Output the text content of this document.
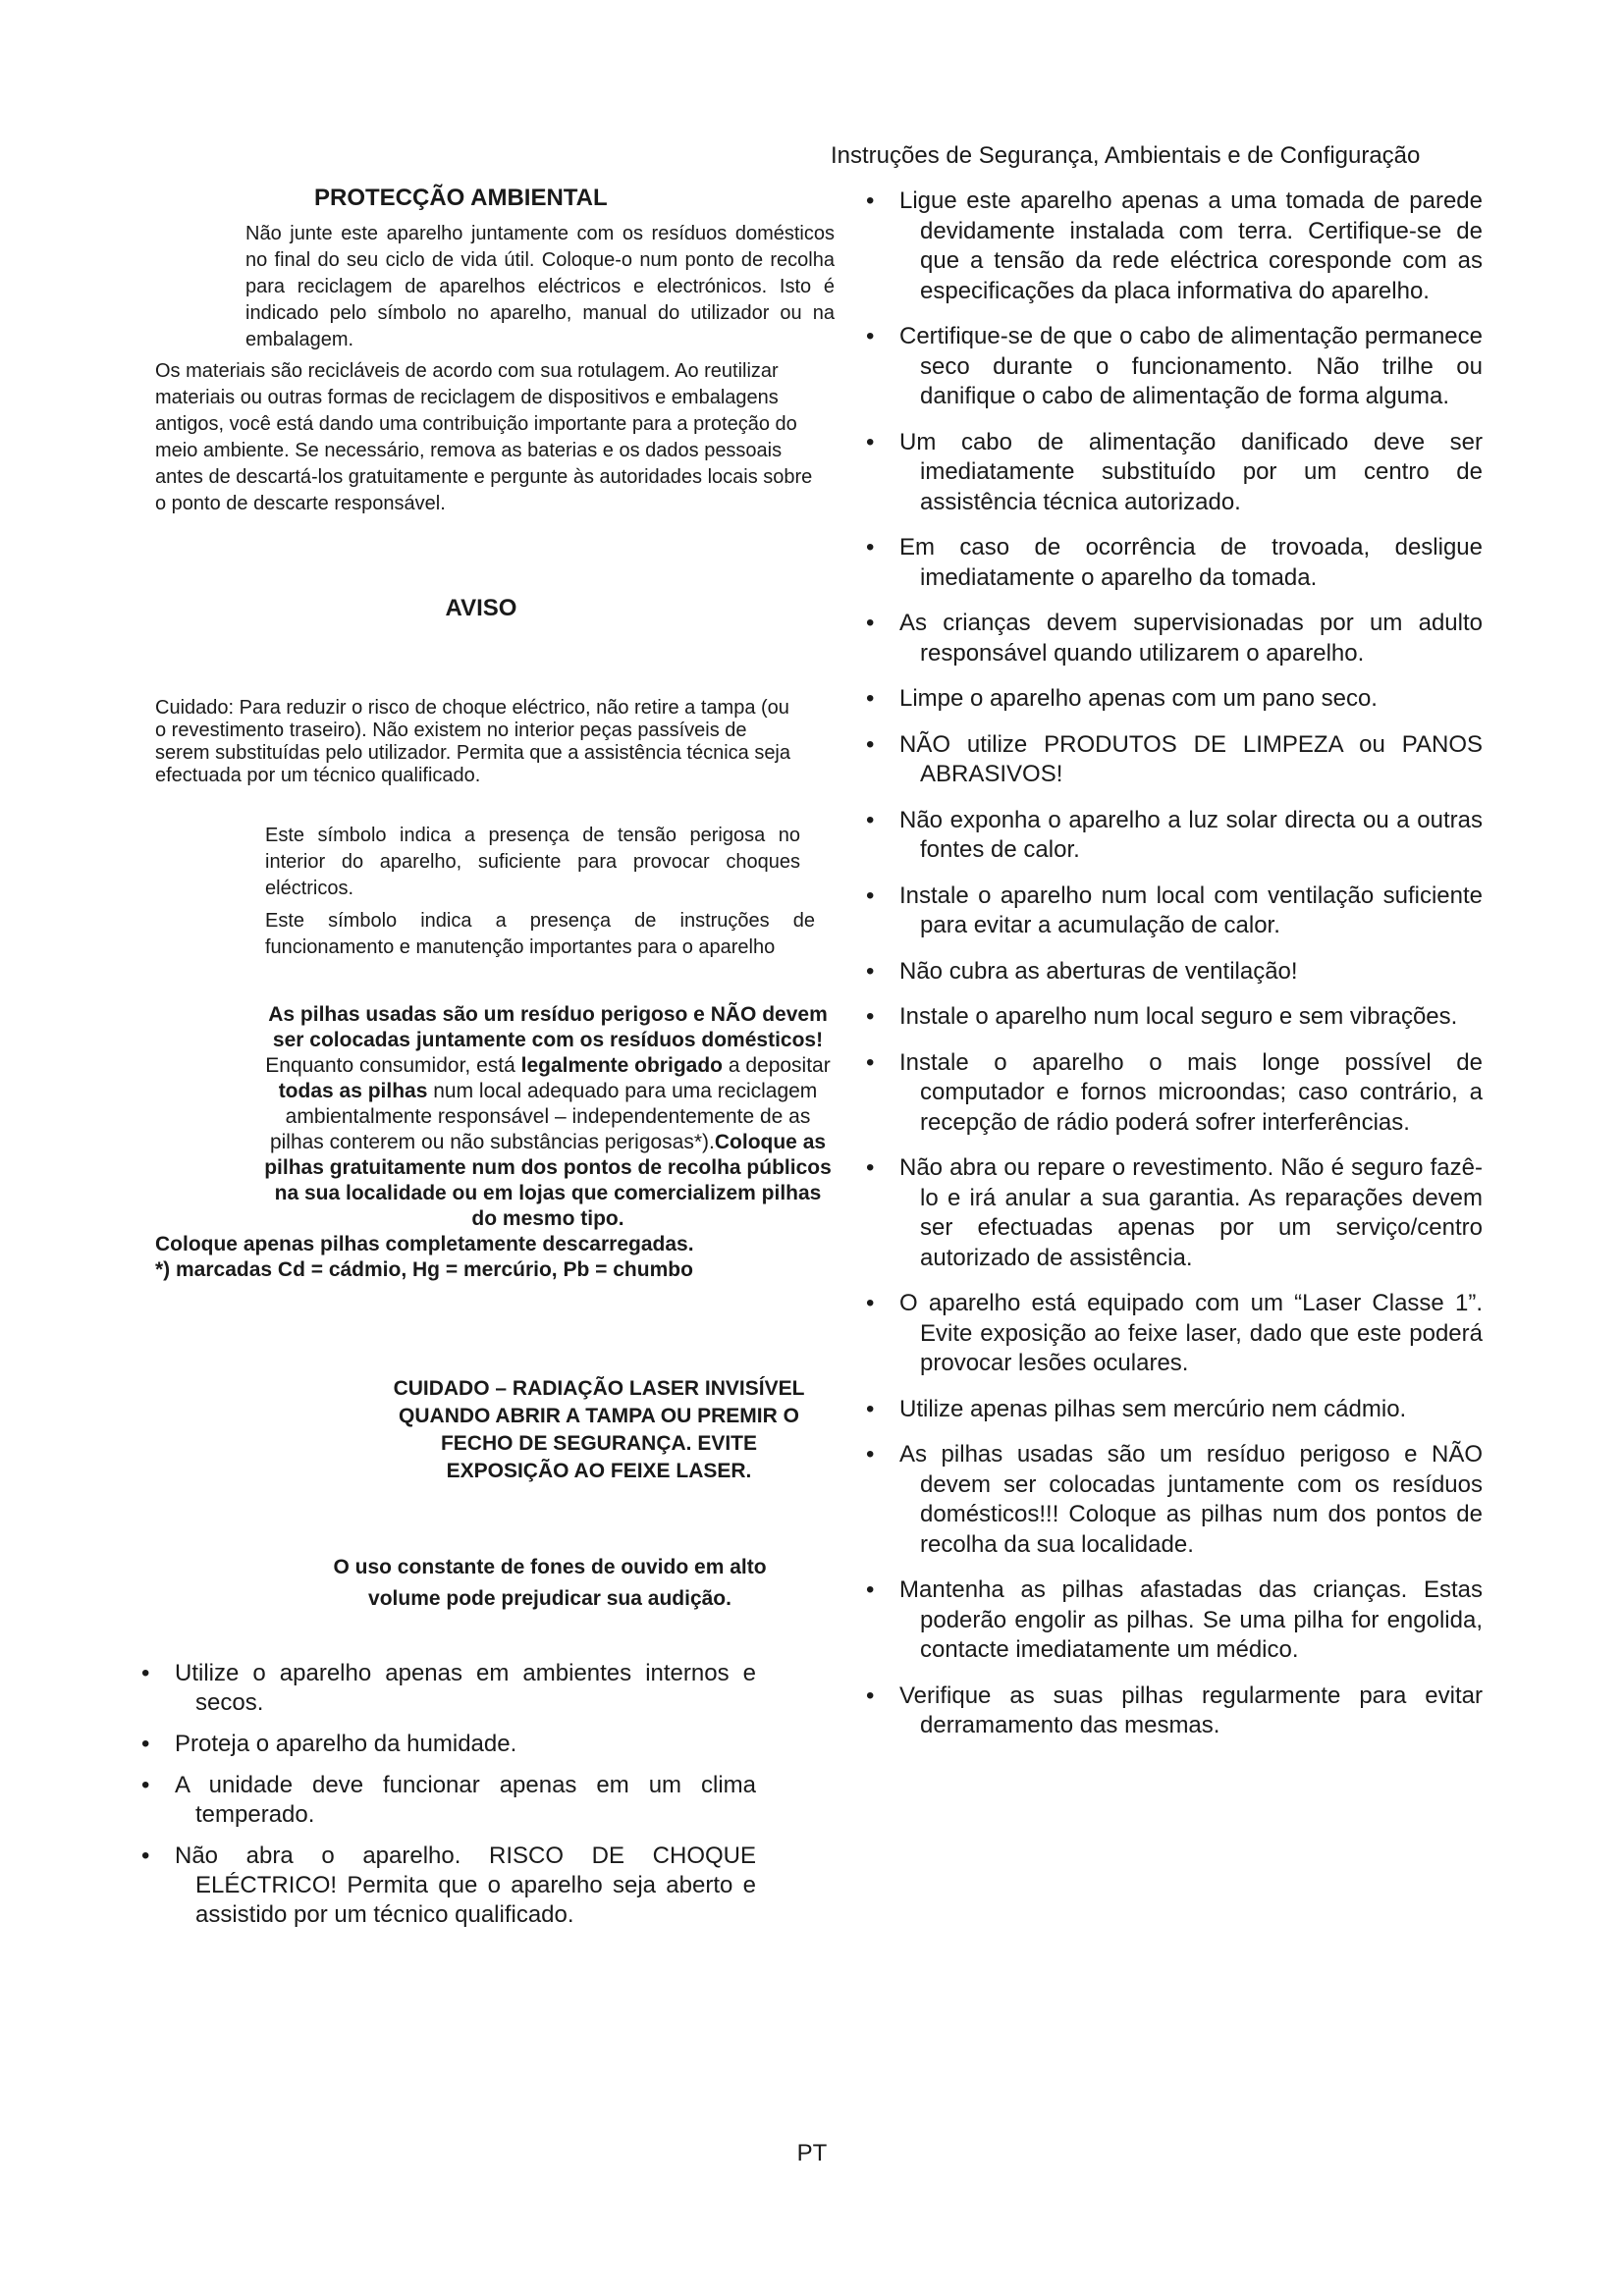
PROTECÇÃO AMBIENTAL
Não junte este aparelho juntamente com os resíduos domésticos no final do seu ciclo de vida útil. Coloque-o num ponto de recolha para reciclagem de aparelhos eléctricos e electrónicos. Isto é indicado pelo símbolo no aparelho, manual do utilizador ou na embalagem.
Os materiais são recicláveis de acordo com sua rotulagem. Ao reutilizar materiais ou outras formas de reciclagem de dispositivos e embalagens antigos, você está dando uma contribuição importante para a proteção do meio ambiente. Se necessário, remova as baterias e os dados pessoais antes de descartá-los gratuitamente e pergunte às autoridades locais sobre o ponto de descarte responsável.
AVISO
Cuidado: Para reduzir o risco de choque eléctrico, não retire a tampa (ou o revestimento traseiro). Não existem no interior peças passíveis de serem substituídas pelo utilizador. Permita que a assistência técnica seja efectuada por um técnico qualificado.
Este símbolo indica a presença de tensão perigosa no interior do aparelho, suficiente para provocar choques eléctricos.
Este símbolo indica a presença de instruções de funcionamento e manutenção importantes para o aparelho
As pilhas usadas são um resíduo perigoso e NÃO devem ser colocadas juntamente com os resíduos domésticos! Enquanto consumidor, está legalmente obrigado a depositar todas as pilhas num local adequado para uma reciclagem ambientalmente responsável – independentemente de as pilhas conterem ou não substâncias perigosas*).Coloque as pilhas gratuitamente num dos pontos de recolha públicos na sua localidade ou em lojas que comercializem pilhas do mesmo tipo.
Coloque apenas pilhas completamente descarregadas.
*) marcadas Cd = cádmio, Hg = mercúrio, Pb = chumbo
CUIDADO – RADIAÇÃO LASER INVISÍVEL QUANDO ABRIR A TAMPA OU PREMIR O FECHO DE SEGURANÇA. EVITE EXPOSIÇÃO AO FEIXE LASER.
O uso constante de fones de ouvido em alto volume pode prejudicar sua audição.
• Utilize o aparelho apenas em ambientes internos e secos.
• Proteja o aparelho da humidade.
• A unidade deve funcionar apenas em um clima temperado.
• Não abra o aparelho. RISCO DE CHOQUE ELÉCTRICO! Permita que o aparelho seja aberto e assistido por um técnico qualificado.
Instruções de Segurança, Ambientais e de Configuração
• Ligue este aparelho apenas a uma tomada de parede devidamente instalada com terra. Certifique-se de que a tensão da rede eléctrica coresponde com as especificações da placa informativa do aparelho.
• Certifique-se de que o cabo de alimentação permanece seco durante o funcionamento. Não trilhe ou danifique o cabo de alimentação de forma alguma.
• Um cabo de alimentação danificado deve ser imediatamente substituído por um centro de assistência técnica autorizado.
• Em caso de ocorrência de trovoada, desligue imediatamente o aparelho da tomada.
• As crianças devem supervisionadas por um adulto responsável quando utilizarem o aparelho.
• Limpe o aparelho apenas com um pano seco.
• NÃO utilize PRODUTOS DE LIMPEZA ou PANOS ABRASIVOS!
• Não exponha o aparelho a luz solar directa ou a outras fontes de calor.
• Instale o aparelho num local com ventilação suficiente para evitar a acumulação de calor.
• Não cubra as aberturas de ventilação!
• Instale o aparelho num local seguro e sem vibrações.
• Instale o aparelho o mais longe possível de computador e fornos microondas; caso contrário, a recepção de rádio poderá sofrer interferências.
• Não abra ou repare o revestimento. Não é seguro fazê-lo e irá anular a sua garantia. As reparações devem ser efectuadas apenas por um serviço/centro autorizado de assistência.
• O aparelho está equipado com um “Laser Classe 1”. Evite exposição ao feixe laser, dado que este poderá provocar lesões oculares.
• Utilize apenas pilhas sem mercúrio nem cádmio.
• As pilhas usadas são um resíduo perigoso e NÃO devem ser colocadas juntamente com os resíduos domésticos!!! Coloque as pilhas num dos pontos de recolha da sua localidade.
• Mantenha as pilhas afastadas das crianças. Estas poderão engolir as pilhas. Se uma pilha for engolida, contacte imediatamente um médico.
• Verifique as suas pilhas regularmente para evitar derramamento das mesmas.
PT
